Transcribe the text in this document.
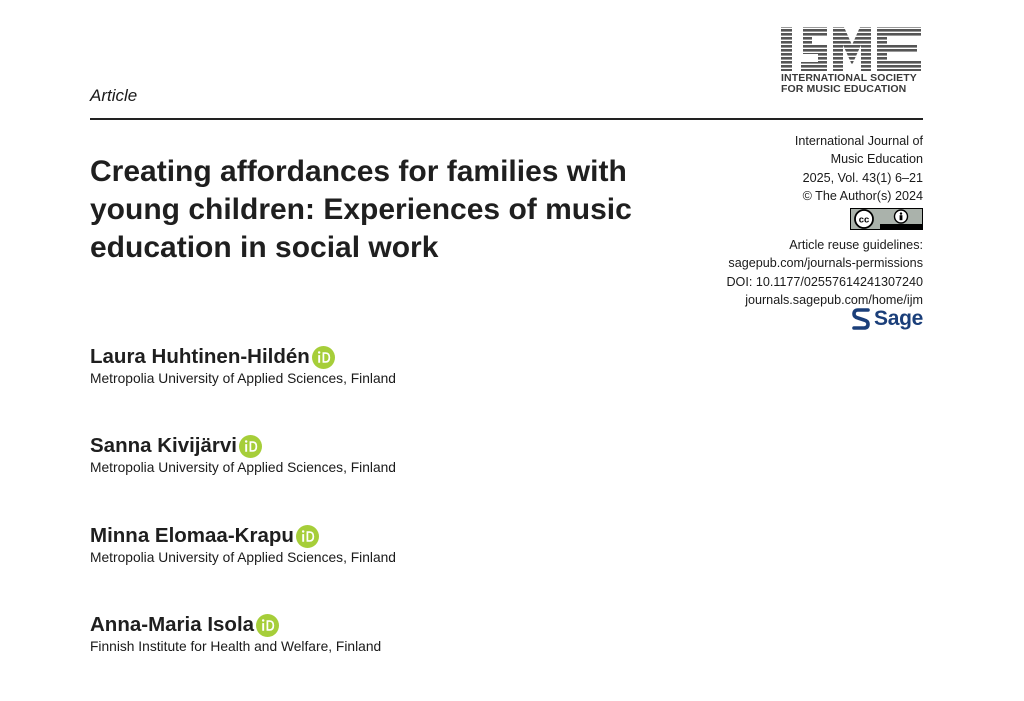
INTERNATIONAL SOCIETY
FOR MUSIC EDUCATION
Article
Creating affordances for families with young children: Experiences of music education in social work
International Journal of
Music Education
2025, Vol. 43(1) 6–21
© The Author(s) 2024
cc
Article reuse guidelines:
sagepub.com/journals-permissions
DOI: 10.1177/02557614241307240
journals.sagepub.com/home/ijm
Sage
Laura Huhtinen-Hildén
Metropolia University of Applied Sciences, Finland
Sanna Kivijärvi
Metropolia University of Applied Sciences, Finland
Minna Elomaa-Krapu
Metropolia University of Applied Sciences, Finland
Anna-Maria Isola
Finnish Institute for Health and Welfare, Finland
